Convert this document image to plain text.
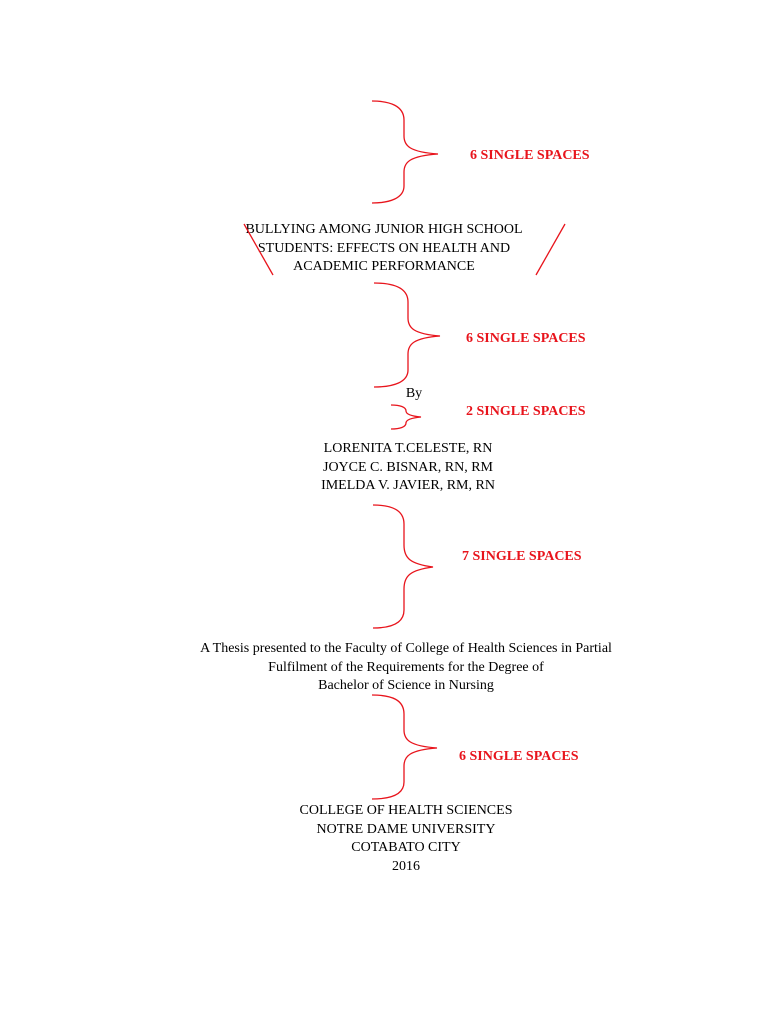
BULLYING AMONG JUNIOR HIGH SCHOOL
STUDENTS: EFFECTS ON HEALTH AND
ACADEMIC PERFORMANCE
By
LORENITA T.CELESTE, RN
JOYCE C. BISNAR, RN, RM
IMELDA V. JAVIER, RM, RN
A Thesis presented to the Faculty of College of Health Sciences in Partial
Fulfilment of the Requirements for the Degree of
Bachelor of Science in Nursing
COLLEGE OF HEALTH SCIENCES
NOTRE DAME UNIVERSITY
COTABATO CITY
2016
6 SINGLE SPACES
6 SINGLE SPACES
2 SINGLE SPACES
7 SINGLE SPACES
6 SINGLE SPACES
